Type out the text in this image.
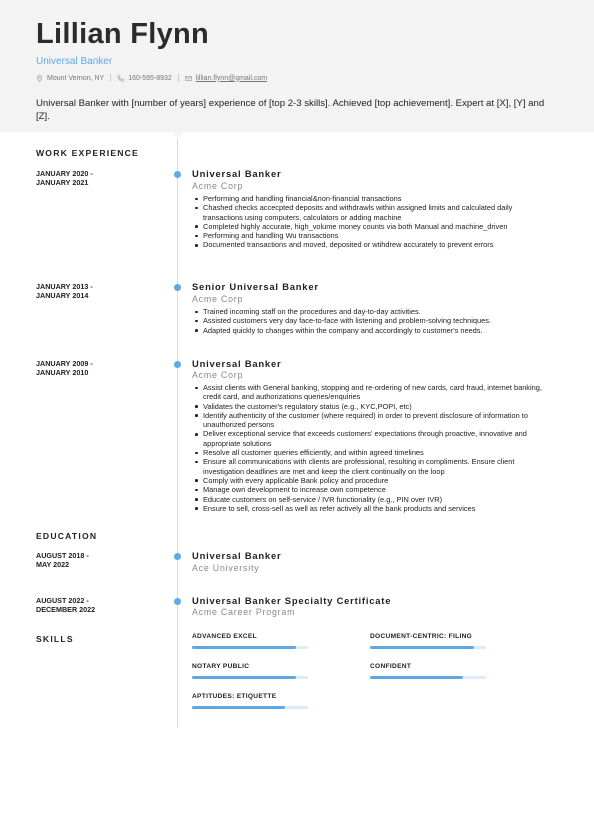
Lillian Flynn
Universal Banker
Mount Vernon, NY	160-595-8932	lillian.flynn@gmail.com
Universal Banker with [number of years] experience of [top 2-3 skills]. Achieved [top achievement]. Expert at [X], [Y] and [Z].
WORK EXPERIENCE
JANUARY 2020 -
JANUARY 2021
Universal Banker
Acme Corp
Performing and handling financial&non-financial transactions
Chashed checks accecpted deposits and withdrawls within assigned limits and calculated daily transactions using computers, calculators or adding machine
Completed highly accurate, high_volume money counts via both Manual and machine_driven
Performing and handling Wu transactions
Documented transactions and moved, deposited or wtihdrew accurately to prevent errors
JANUARY 2013 -
JANUARY 2014
Senior Universal Banker
Acme Corp
Trained incoming staff on the procedures and day-to-day activities.
Assisted customers very day face-to-face with listening and problem-solving techniques.
Adapted quickly to changes within the company and accordingly to customer's needs.
JANUARY 2009 -
JANUARY 2010
Universal Banker
Acme Corp
Assist clients with General banking, stopping and re-ordering of new cards, card fraud, internet banking, credit card, and authorizations queries/enquiries
Validates the customer's regulatory status (e.g., KYC,POPI, etc)
Identify authenticity of the customer (where required) in order to prevent disclosure of information to unauthorized persons
Deliver exceptional service that exceeds customers' expectations through proactive, innovative and appropriate solutions
Resolve all customer queries efficiently, and within agreed timelines
Ensure all communications with clients are professional, resulting in compliments. Ensure client investigation deadlines are met and keep the client continually on the loop
Comply with every applicable Bank policy and procedure
Manage own development to increase own competence
Educate customers on self-service / IVR functionality (e.g., PIN over IVR)
Ensure to sell, cross-sell as well as refer actively all the bank products and services
EDUCATION
AUGUST 2018 -
MAY 2022
Universal Banker
Ace University
AUGUST 2022 -
DECEMBER 2022
Universal Banker Specialty Certificate
Acme Career Program
SKILLS	ADVANCED EXCEL	DOCUMENT-CENTRIC: FILING
NOTARY PUBLIC	CONFIDENT
APTITUDES: ETIQUETTE
